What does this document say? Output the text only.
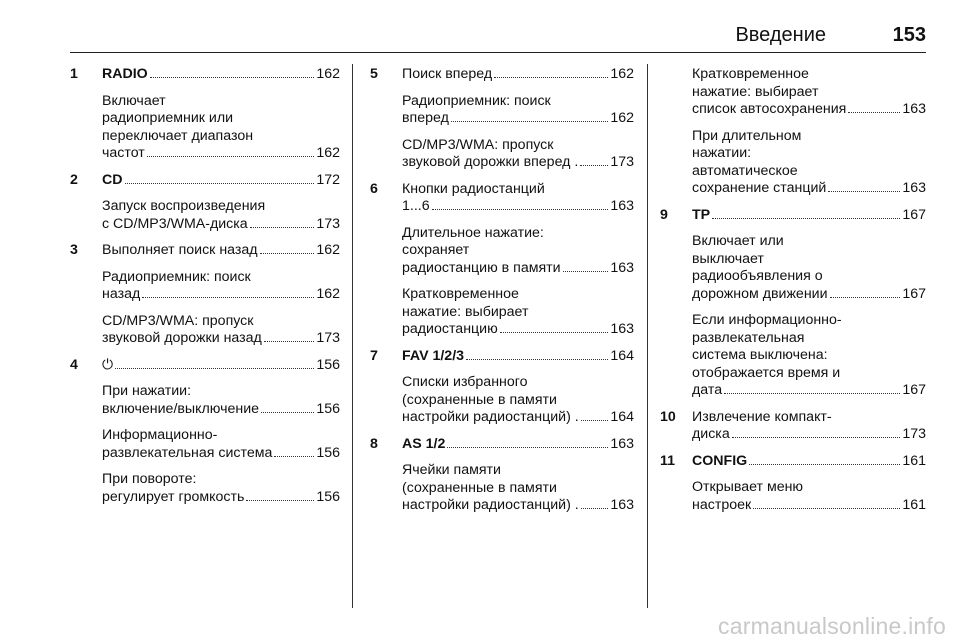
Введение	153
1	RADIO	162
Включает
радиоприемник или
переключает диапазон
частот	162
2	CD	172
Запуск воспроизведения
с CD/MP3/WMA-диска	173
3	Выполняет поиск назад	162
Радиоприемник: поиск
назад	162
CD/MP3/WMA: пропуск
звуковой дорожки назад	173
4	⏻	156
При нажатии:
включение/выключение	156
Информационно-
развлекательная система	156
При повороте:
регулирует громкость	156
5	Поиск вперед	162
Радиоприемник: поиск
вперед	162
CD/MP3/WMA: пропуск
звуковой дорожки вперед . 173
6	Кнопки радиостанций
1...6	163
Длительное нажатие:
сохраняет
радиостанцию в памяти	163
Кратковременное
нажатие: выбирает
радиостанцию	163
7	FAV 1/2/3	164
Списки избранного
(сохраненные в памяти
настройки радиостанций) . 164
8	AS 1/2	163
Ячейки памяти
(сохраненные в памяти
настройки радиостанций) . 163
Кратковременное
нажатие: выбирает
список автосохранения	163
При длительном
нажатии:
автоматическое
сохранение станций	163
9	TP	167
Включает или
выключает
радиообъявления о
дорожном движении	167
Если информационно-
развлекательная
система выключена:
отображается время и
дата	167
10	Извлечение компакт-
диска	173
11	CONFIG	161
Открывает меню
настроек	161
carmanualsonline.info
